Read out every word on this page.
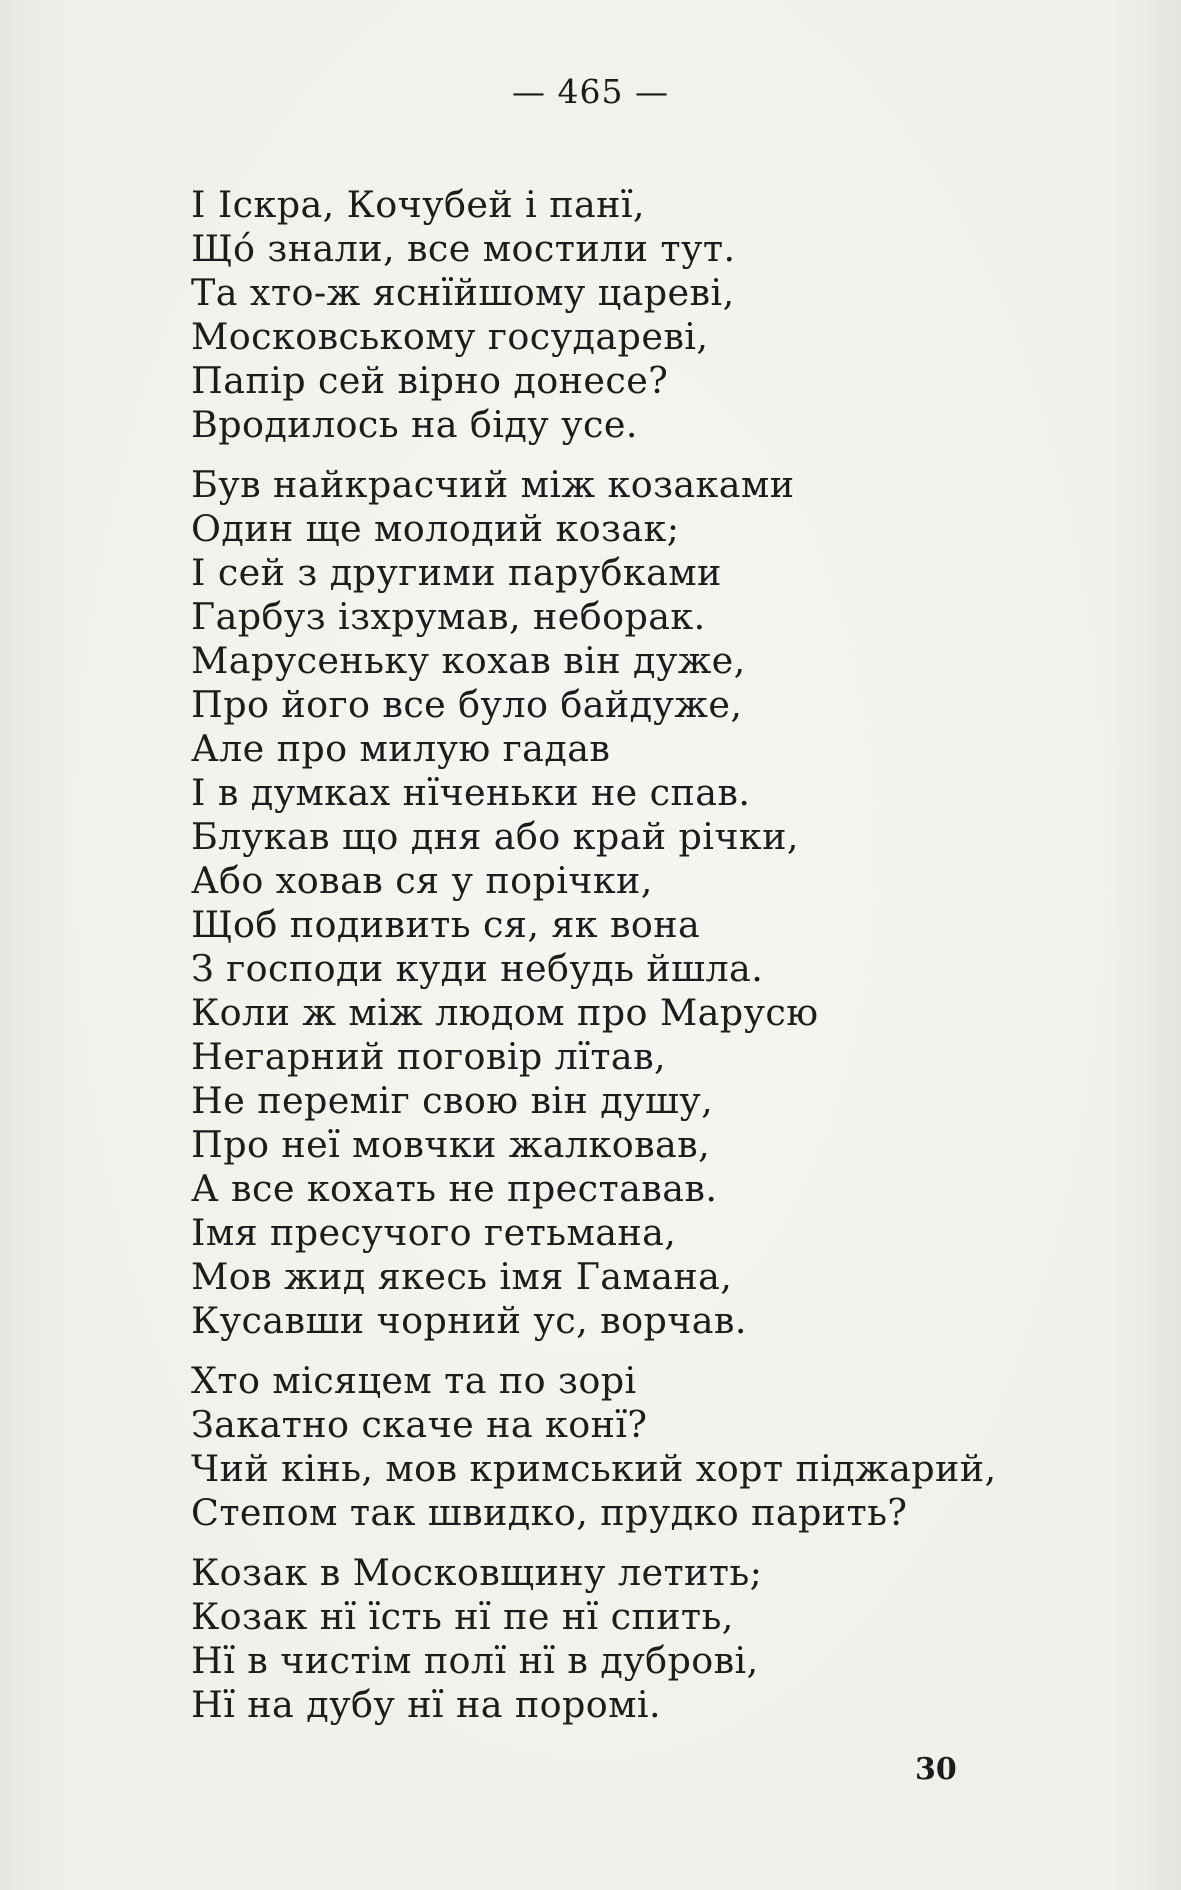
— 465 —
І Іскра, Кочубей і панї,
Щó знали, все мостили тут.
Та хто-ж яснїйшому цареві,
Московському государеві,
Папір сей вірно донесе?
Вродилось на біду усе.
Був найкрасчий між козаками
Один ще молодий козак;
І сей з другими парубками
Гарбуз ізхрумав, неборак.
Марусеньку кохав він дуже,
Про його все було байдуже,
Але про милую гадав
І в думках нїченьки не спав.
Блукав що дня або край річки,
Або ховав ся у порічки,
Щоб подивить ся, як вона
З господи куди небудь йшла.
Коли ж між людом про Марусю
Негарний поговір лїтав,
Не переміг свою він душу,
Про неї мовчки жалковав,
А все кохать не преставав.
Імя пресучого гетьмана,
Мов жид якесь імя Гамана,
Кусавши чорний ус, ворчав.
Хто місяцем та по зорі
Закатно скаче на конї?
Чий кінь, мов кримський хорт піджарий,
Степом так швидко, прудко парить?
Козак в Московщину летить;
Козак нї їсть нї пе нї спить,
Нї в чистім полї нї в дуброві,
Нї на дубу нї на поромі.
30
